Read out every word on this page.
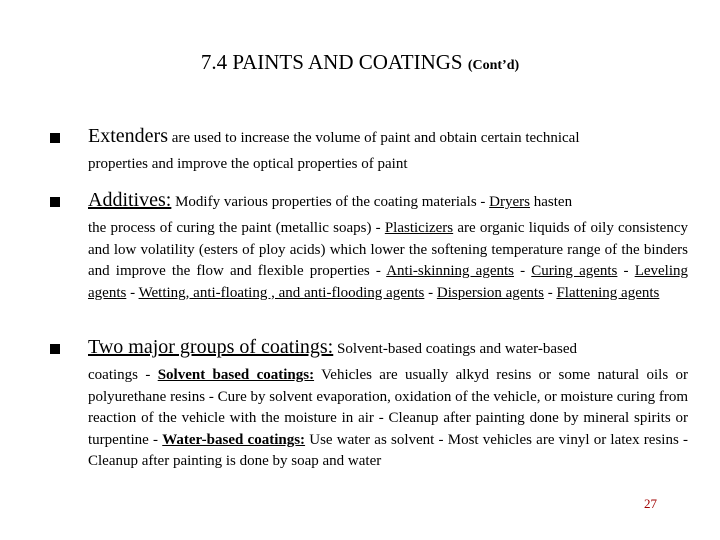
7.4 PAINTS AND COATINGS (Cont’d)
Extenders are used to increase the volume of paint and obtain certain technical
properties and improve the optical properties of paint
Additives: Modify various properties of the coating materials - Dryers hasten
the process of curing the paint (metallic soaps) - Plasticizers are organic liquids of oily consistency and low volatility (esters of ploy acids) which lower the softening temperature range of the binders and improve the flow and flexible properties - Anti-skinning agents - Curing agents - Leveling agents - Wetting, anti-floating , and anti-flooding agents - Dispersion agents - Flattening agents
Two major groups of coatings: Solvent-based coatings and water-based
coatings - Solvent based coatings: Vehicles are usually alkyd resins or some natural oils or polyurethane resins - Cure by solvent evaporation, oxidation of the vehicle, or moisture curing from reaction of the vehicle with the moisture in air - Cleanup after painting done by mineral spirits or turpentine - Water-based coatings: Use water as solvent - Most vehicles are vinyl or latex resins - Cleanup after painting is done by soap and water
27
